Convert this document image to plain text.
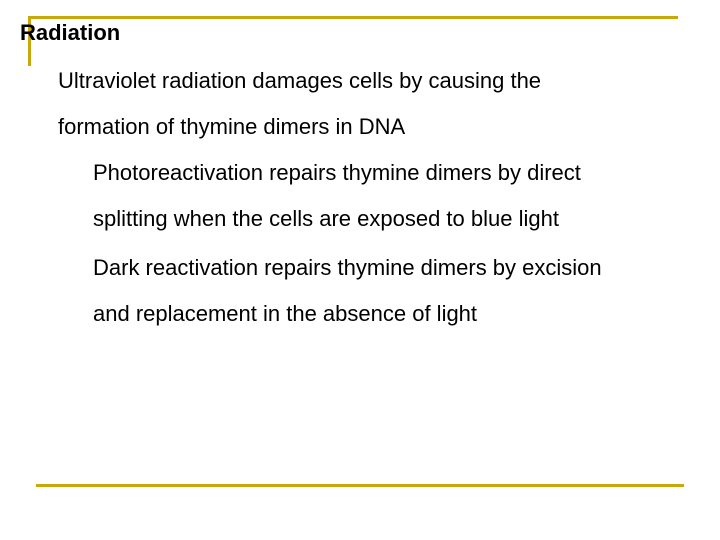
Radiation

Ultraviolet radiation damages cells by causing the
formation of thymine dimers in DNA

Photoreactivation repairs thymine dimers by direct
splitting when the cells are exposed to blue light

Dark reactivation repairs thymine dimers by excision
and replacement in the absence of light
